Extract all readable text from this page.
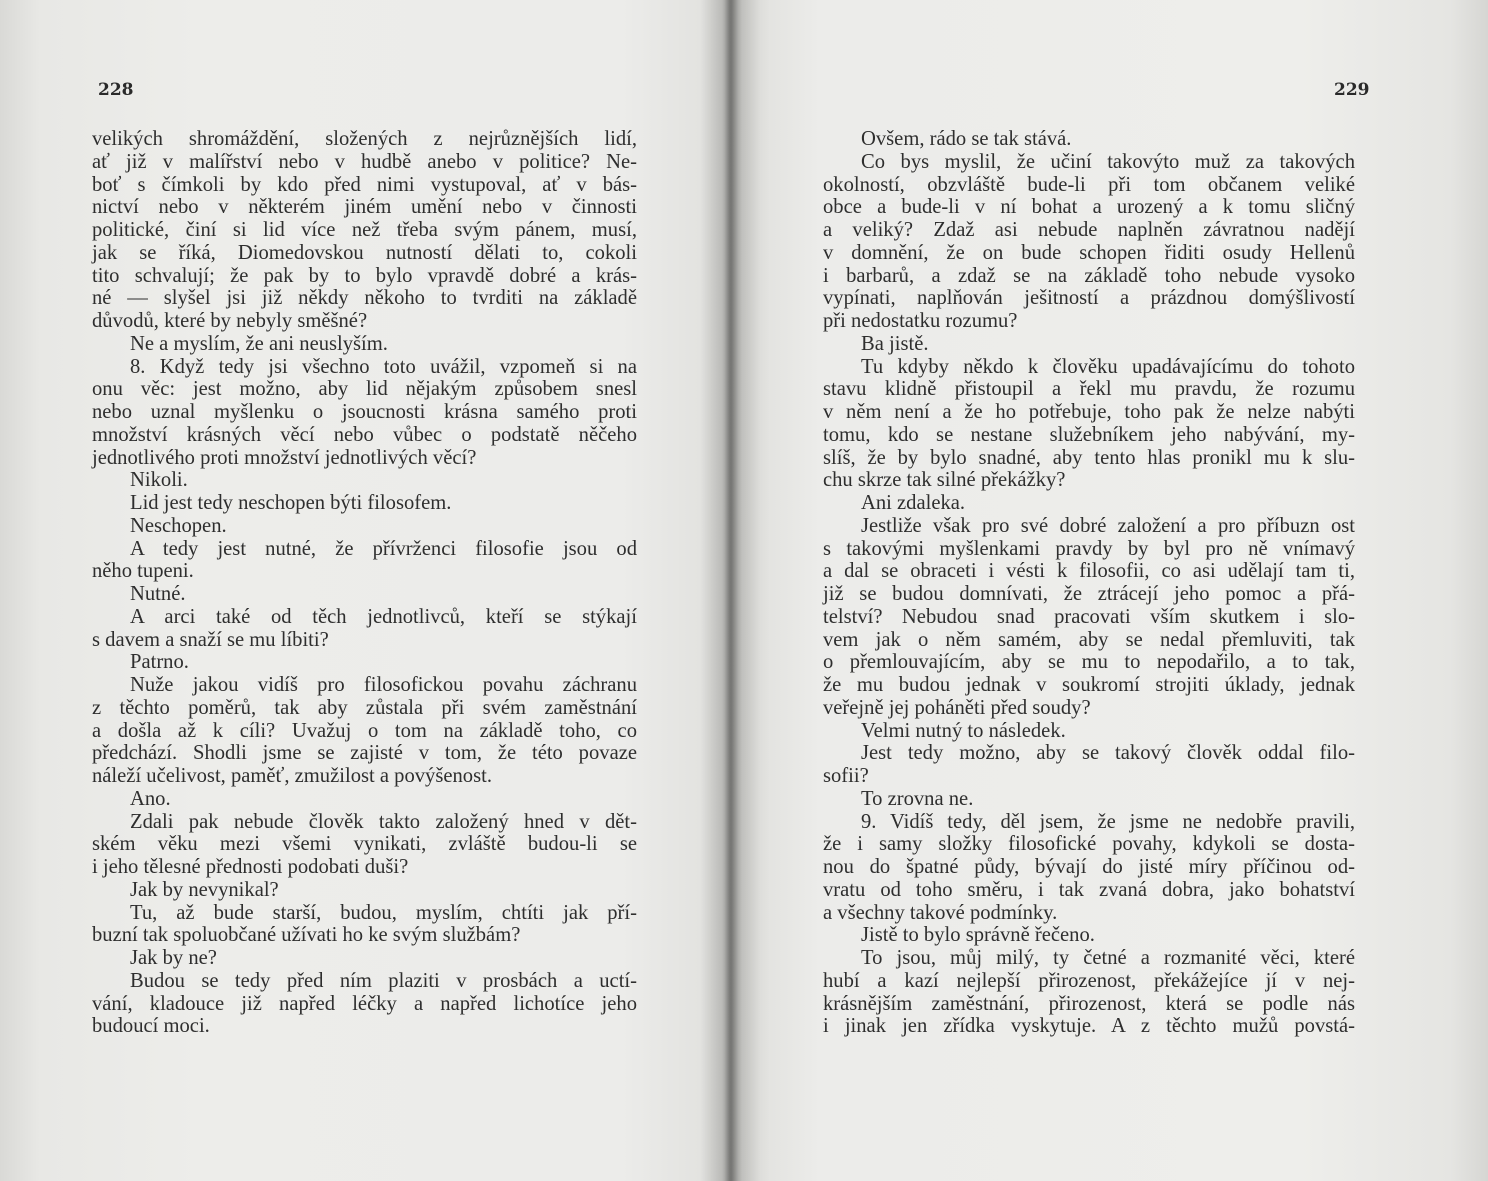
228
velikých shromáždění, složených z nejrůznějších lidí,
ať již v malířství nebo v hudbě anebo v politice? Ne-
boť s čímkoli by kdo před nimi vystupoval, ať v bás-
nictví nebo v některém jiném umění nebo v činnosti
politické, činí si lid více než třeba svým pánem, musí,
jak se říká, Diomedovskou nutností dělati to, cokoli
tito schvalují; že pak by to bylo vpravdě dobré a krás-
né — slyšel jsi již někdy někoho to tvrditi na základě
důvodů, které by nebyly směšné?
Ne a myslím, že ani neuslyším.
8. Když tedy jsi všechno toto uvážil, vzpomeň si na
onu věc: jest možno, aby lid nějakým způsobem snesl
nebo uznal myšlenku o jsoucnosti krásna samého proti
množství krásných věcí nebo vůbec o podstatě něčeho
jednotlivého proti množství jednotlivých věcí?
Nikoli.
Lid jest tedy neschopen býti filosofem.
Neschopen.
A tedy jest nutné, že přívrženci filosofie jsou od
něho tupeni.
Nutné.
A arci také od těch jednotlivců, kteří se stýkají
s davem a snaží se mu líbiti?
Patrno.
Nuže jakou vidíš pro filosofickou povahu záchranu
z těchto poměrů, tak aby zůstala při svém zaměstnání
a došla až k cíli? Uvažuj o tom na základě toho, co
předchází. Shodli jsme se zajisté v tom, že této povaze
náleží učelivost, paměť, zmužilost a povýšenost.
Ano.
Zdali pak nebude člověk takto založený hned v dět-
ském věku mezi všemi vynikati, zvláště budou-li se
i jeho tělesné přednosti podobati duši?
Jak by nevynikal?
Tu, až bude starší, budou, myslím, chtíti jak pří-
buzní tak spoluobčané užívati ho ke svým službám?
Jak by ne?
Budou se tedy před ním plaziti v prosbách a uctí-
vání, kladouce již napřed léčky a napřed lichotíce jeho
budoucí moci.
229
Ovšem, rádo se tak stává.
Co bys myslil, že učiní takovýto muž za takových
okolností, obzvláště bude-li při tom občanem veliké
obce a bude-li v ní bohat a urozený a k tomu sličný
a veliký? Zdaž asi nebude naplněn závratnou nadějí
v domnění, že on bude schopen řiditi osudy Hellenů
i barbarů, a zdaž se na základě toho nebude vysoko
vypínati, naplňován ješitností a prázdnou domýšlivostí
při nedostatku rozumu?
Ba jistě.
Tu kdyby někdo k člověku upadávajícímu do tohoto
stavu klidně přistoupil a řekl mu pravdu, že rozumu
v něm není a že ho potřebuje, toho pak že nelze nabýti
tomu, kdo se nestane služebníkem jeho nabývání, my-
slíš, že by bylo snadné, aby tento hlas pronikl mu k slu-
chu skrze tak silné překážky?
Ani zdaleka.
Jestliže však pro své dobré založení a pro příbuzn ost
s takovými myšlenkami pravdy by byl pro ně vnímavý
a dal se obraceti i vésti k filosofii, co asi udělají tam ti,
již se budou domnívati, že ztrácejí jeho pomoc a přá-
telství? Nebudou snad pracovati vším skutkem i slo-
vem jak o něm samém, aby se nedal přemluviti, tak
o přemlouvajícím, aby se mu to nepodařilo, a to tak,
že mu budou jednak v soukromí strojiti úklady, jednak
veřejně jej poháněti před soudy?
Velmi nutný to následek.
Jest tedy možno, aby se takový člověk oddal filo-
sofii?
To zrovna ne.
9. Vidíš tedy, děl jsem, že jsme ne nedobře pravili,
že i samy složky filosofické povahy, kdykoli se dosta-
nou do špatné půdy, bývají do jisté míry příčinou od-
vratu od toho směru, i tak zvaná dobra, jako bohatství
a všechny takové podmínky.
Jistě to bylo správně řečeno.
To jsou, můj milý, ty četné a rozmanité věci, které
hubí a kazí nejlepší přirozenost, překážejíce jí v nej-
krásnějším zaměstnání, přirozenost, která se podle nás
i jinak jen zřídka vyskytuje. A z těchto mužů povstá-
